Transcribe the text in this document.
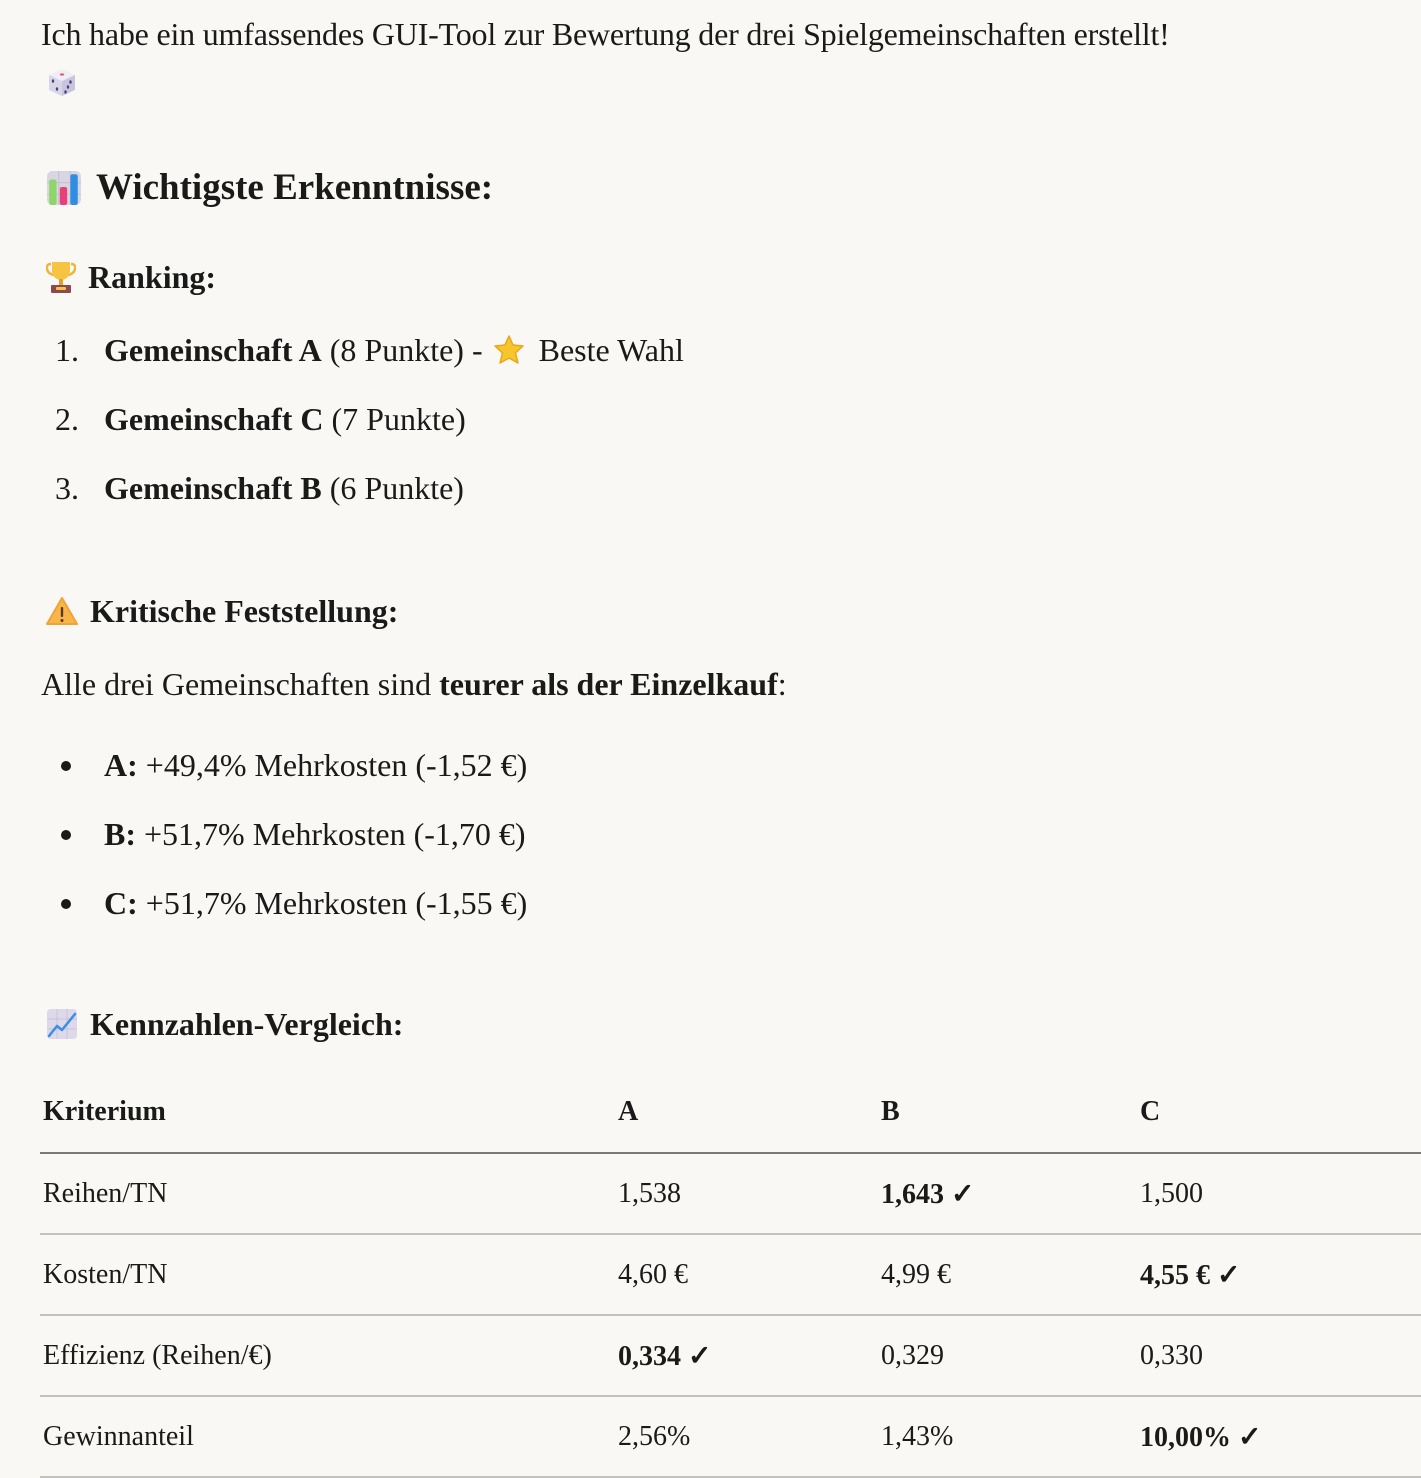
Ich habe ein umfassendes GUI-Tool zur Bewertung der drei Spielgemeinschaften erstellt!
Wichtigste Erkenntnisse:
Ranking:
1. Gemeinschaft A (8 Punkte) - Beste Wahl
2. Gemeinschaft C (7 Punkte)
3. Gemeinschaft B (6 Punkte)
Kritische Feststellung:
Alle drei Gemeinschaften sind teurer als der Einzelkauf:
A: +49,4% Mehrkosten (-1,52 €)
B: +51,7% Mehrkosten (-1,70 €)
C: +51,7% Mehrkosten (-1,55 €)
Kennzahlen-Vergleich:
Kriterium	A	B	C
Reihen/TN	1,538	1,643 ✓	1,500
Kosten/TN	4,60 €	4,99 €	4,55 € ✓
Effizienz (Reihen/€)	0,334 ✓	0,329	0,330
Gewinnanteil	2,56%	1,43%	10,00% ✓
